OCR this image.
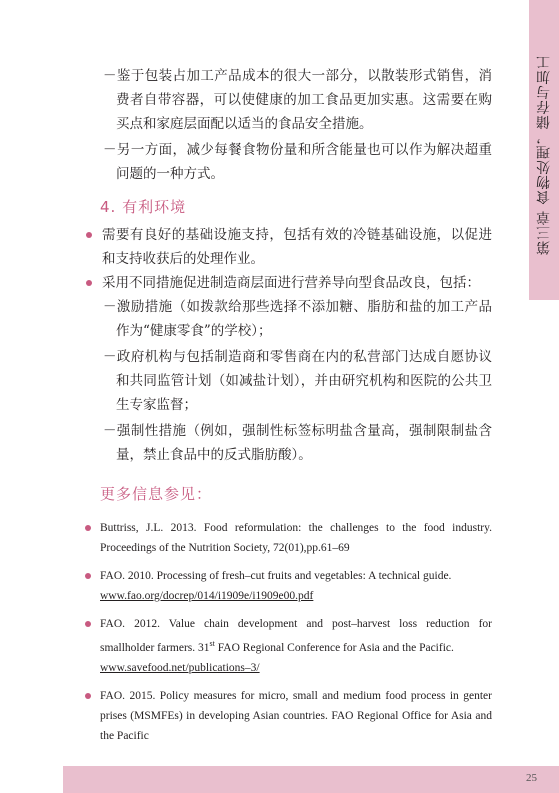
第三章 食物处理，储存与加工

－鉴于包装占加工产品成本的很大一部分，以散装形式销售，消费者自带容器，可以使健康的加工食品更加实惠。这需要在购买点和家庭层面配以适当的食品安全措施。

－另一方面，减少每餐食物份量和所含能量也可以作为解决超重问题的一种方式。

4. 有利环境

需要有良好的基础设施支持，包括有效的冷链基础设施，以促进和支持收获后的处理作业。

采用不同措施促进制造商层面进行营养导向型食品改良，包括：

－激励措施（如拨款给那些选择不添加糖、脂肪和盐的加工产品作为“健康零食”的学校）；

－政府机构与包括制造商和零售商在内的私营部门达成自愿协议和共同监管计划（如减盐计划），并由研究机构和医院的公共卫生专家监督；

－强制性措施（例如，强制性标签标明盐含量高，强制限制盐含量，禁止食品中的反式脂肪酸）。

更多信息参见：

Buttriss, J.L. 2013. Food reformulation: the challenges to the food industry. Proceedings of the Nutrition Society, 72(01),pp.61–69

FAO. 2010. Processing of fresh–cut fruits and vegetables: A technical guide.
www.fao.org/docrep/014/i1909e/i1909e00.pdf

FAO. 2012. Value chain development and post–harvest loss reduction for smallholder farmers. 31st FAO Regional Conference for Asia and the Pacific.
www.savefood.net/publications–3/

FAO. 2015. Policy measures for micro, small and medium food process in genter prises (MSMFEs) in developing Asian countries. FAO Regional Office for Asia and the Pacific

25
